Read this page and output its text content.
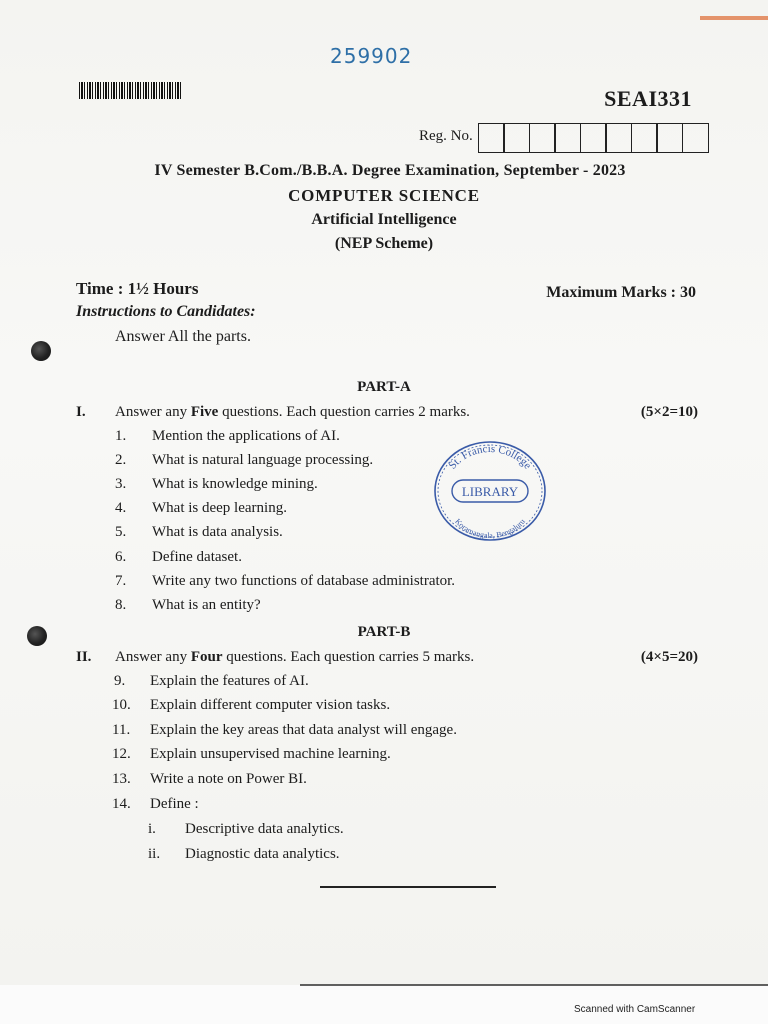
259902
SEAI331
Reg. No.
IV Semester B.Com./B.B.A. Degree Examination, September - 2023
COMPUTER SCIENCE
Artificial Intelligence
(NEP Scheme)
Time : 1½ Hours	Maximum Marks : 30
Instructions to Candidates:
Answer All the parts.
PART-A
I. Answer any Five questions. Each question carries 2 marks.	(5×2=10)
1. Mention the applications of AI.
2. What is natural language processing.
3. What is knowledge mining.
4. What is deep learning.
5. What is data analysis.
6. Define dataset.
7. Write any two functions of database administrator.
8. What is an entity?
St. Francis College
LIBRARY
Koramangala, Bengaluru
PART-B
II. Answer any Four questions. Each question carries 5 marks.	(4×5=20)
9. Explain the features of AI.
10. Explain different computer vision tasks.
11. Explain the key areas that data analyst will engage.
12. Explain unsupervised machine learning.
13. Write a note on Power BI.
14. Define :
i. Descriptive data analytics.
ii. Diagnostic data analytics.
Scanned with CamScanner
